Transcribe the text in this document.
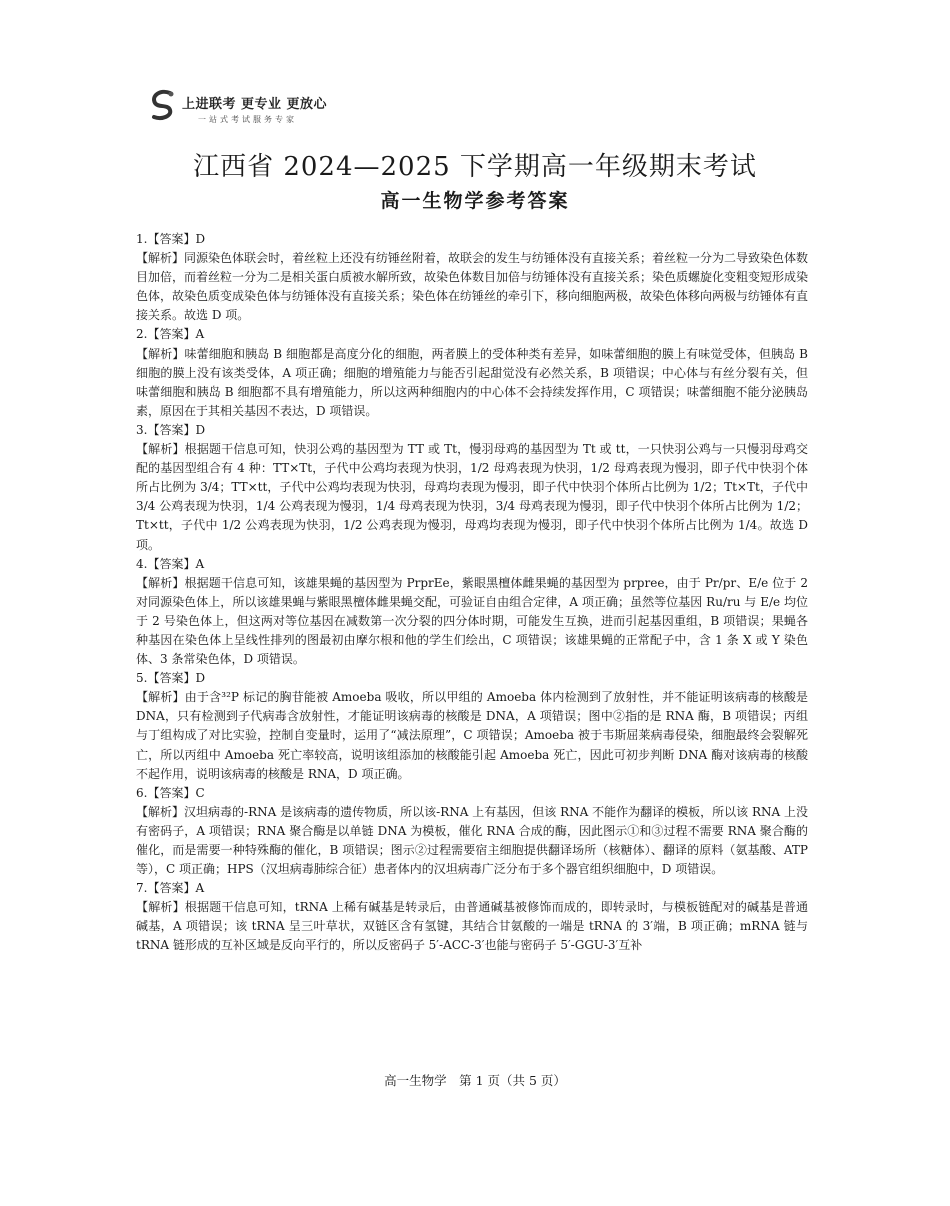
上进联考 更专业 更放心
一站式考试服务专家
江西省 2024—2025 下学期高一年级期末考试
高一生物学参考答案

1.【答案】D

【解析】同源染色体联会时，着丝粒上还没有纺锤丝附着，故联会的发生与纺锤体没有直接关系；着丝粒一分为二导致染色体数目加倍，而着丝粒一分为二是相关蛋白质被水解所致，故染色体数目加倍与纺锤体没有直接关系；染色质螺旋化变粗变短形成染色体，故染色质变成染色体与纺锤体没有直接关系；染色体在纺锤丝的牵引下，移向细胞两极，故染色体移向两极与纺锤体有直接关系。故选 D 项。

2.【答案】A

【解析】味蕾细胞和胰岛 B 细胞都是高度分化的细胞，两者膜上的受体种类有差异，如味蕾细胞的膜上有味觉受体，但胰岛 B 细胞的膜上没有该类受体，A 项正确；细胞的增殖能力与能否引起甜觉没有必然关系，B 项错误；中心体与有丝分裂有关，但味蕾细胞和胰岛 B 细胞都不具有增殖能力，所以这两种细胞内的中心体不会持续发挥作用，C 项错误；味蕾细胞不能分泌胰岛素，原因在于其相关基因不表达，D 项错误。

3.【答案】D

【解析】根据题干信息可知，快羽公鸡的基因型为 TT 或 Tt，慢羽母鸡的基因型为 Tt 或 tt，一只快羽公鸡与一只慢羽母鸡交配的基因型组合有 4 种：TT×Tt，子代中公鸡均表现为快羽，1/2 母鸡表现为快羽，1/2 母鸡表现为慢羽，即子代中快羽个体所占比例为 3/4；TT×tt，子代中公鸡均表现为快羽，母鸡均表现为慢羽，即子代中快羽个体所占比例为 1/2；Tt×Tt，子代中 3/4 公鸡表现为快羽，1/4 公鸡表现为慢羽，1/4 母鸡表现为快羽，3/4 母鸡表现为慢羽，即子代中快羽个体所占比例为 1/2；Tt×tt，子代中 1/2 公鸡表现为快羽，1/2 公鸡表现为慢羽，母鸡均表现为慢羽，即子代中快羽个体所占比例为 1/4。故选 D 项。

4.【答案】A

【解析】根据题干信息可知，该雄果蝇的基因型为 PrprEe，紫眼黑檀体雌果蝇的基因型为 prpree，由于 Pr/pr、E/e 位于 2 对同源染色体上，所以该雄果蝇与紫眼黑檀体雌果蝇交配，可验证自由组合定律，A 项正确；虽然等位基因 Ru/ru 与 E/e 均位于 2 号染色体上，但这两对等位基因在减数第一次分裂的四分体时期，可能发生互换，进而引起基因重组，B 项错误；果蝇各种基因在染色体上呈线性排列的图最初由摩尔根和他的学生们绘出，C 项错误；该雄果蝇的正常配子中，含 1 条 X 或 Y 染色体、3 条常染色体，D 项错误。

5.【答案】D

【解析】由于含³²P 标记的胸苷能被 Amoeba 吸收，所以甲组的 Amoeba 体内检测到了放射性，并不能证明该病毒的核酸是 DNA，只有检测到子代病毒含放射性，才能证明该病毒的核酸是 DNA，A 项错误；图中②指的是 RNA 酶，B 项错误；丙组与丁组构成了对比实验，控制自变量时，运用了“减法原理”，C 项错误；Amoeba 被于韦斯屈莱病毒侵染，细胞最终会裂解死亡，所以丙组中 Amoeba 死亡率较高，说明该组添加的核酸能引起 Amoeba 死亡，因此可初步判断 DNA 酶对该病毒的核酸不起作用，说明该病毒的核酸是 RNA，D 项正确。

6.【答案】C

【解析】汉坦病毒的-RNA 是该病毒的遗传物质，所以该-RNA 上有基因，但该 RNA 不能作为翻译的模板，所以该 RNA 上没有密码子，A 项错误；RNA 聚合酶是以单链 DNA 为模板，催化 RNA 合成的酶，因此图示①和③过程不需要 RNA 聚合酶的催化，而是需要一种特殊酶的催化，B 项错误；图示②过程需要宿主细胞提供翻译场所（核糖体）、翻译的原料（氨基酸、ATP 等），C 项正确；HPS（汉坦病毒肺综合征）患者体内的汉坦病毒广泛分布于多个器官组织细胞中，D 项错误。

7.【答案】A

【解析】根据题干信息可知，tRNA 上稀有碱基是转录后，由普通碱基被修饰而成的，即转录时，与模板链配对的碱基是普通碱基，A 项错误；该 tRNA 呈三叶草状，双链区含有氢键，其结合甘氨酸的一端是 tRNA 的 3′端，B 项正确；mRNA 链与 tRNA 链形成的互补区域是反向平行的，所以反密码子 5′-ACC-3′也能与密码子 5′-GGU-3′互补

高一生物学　第 1 页（共 5 页）
